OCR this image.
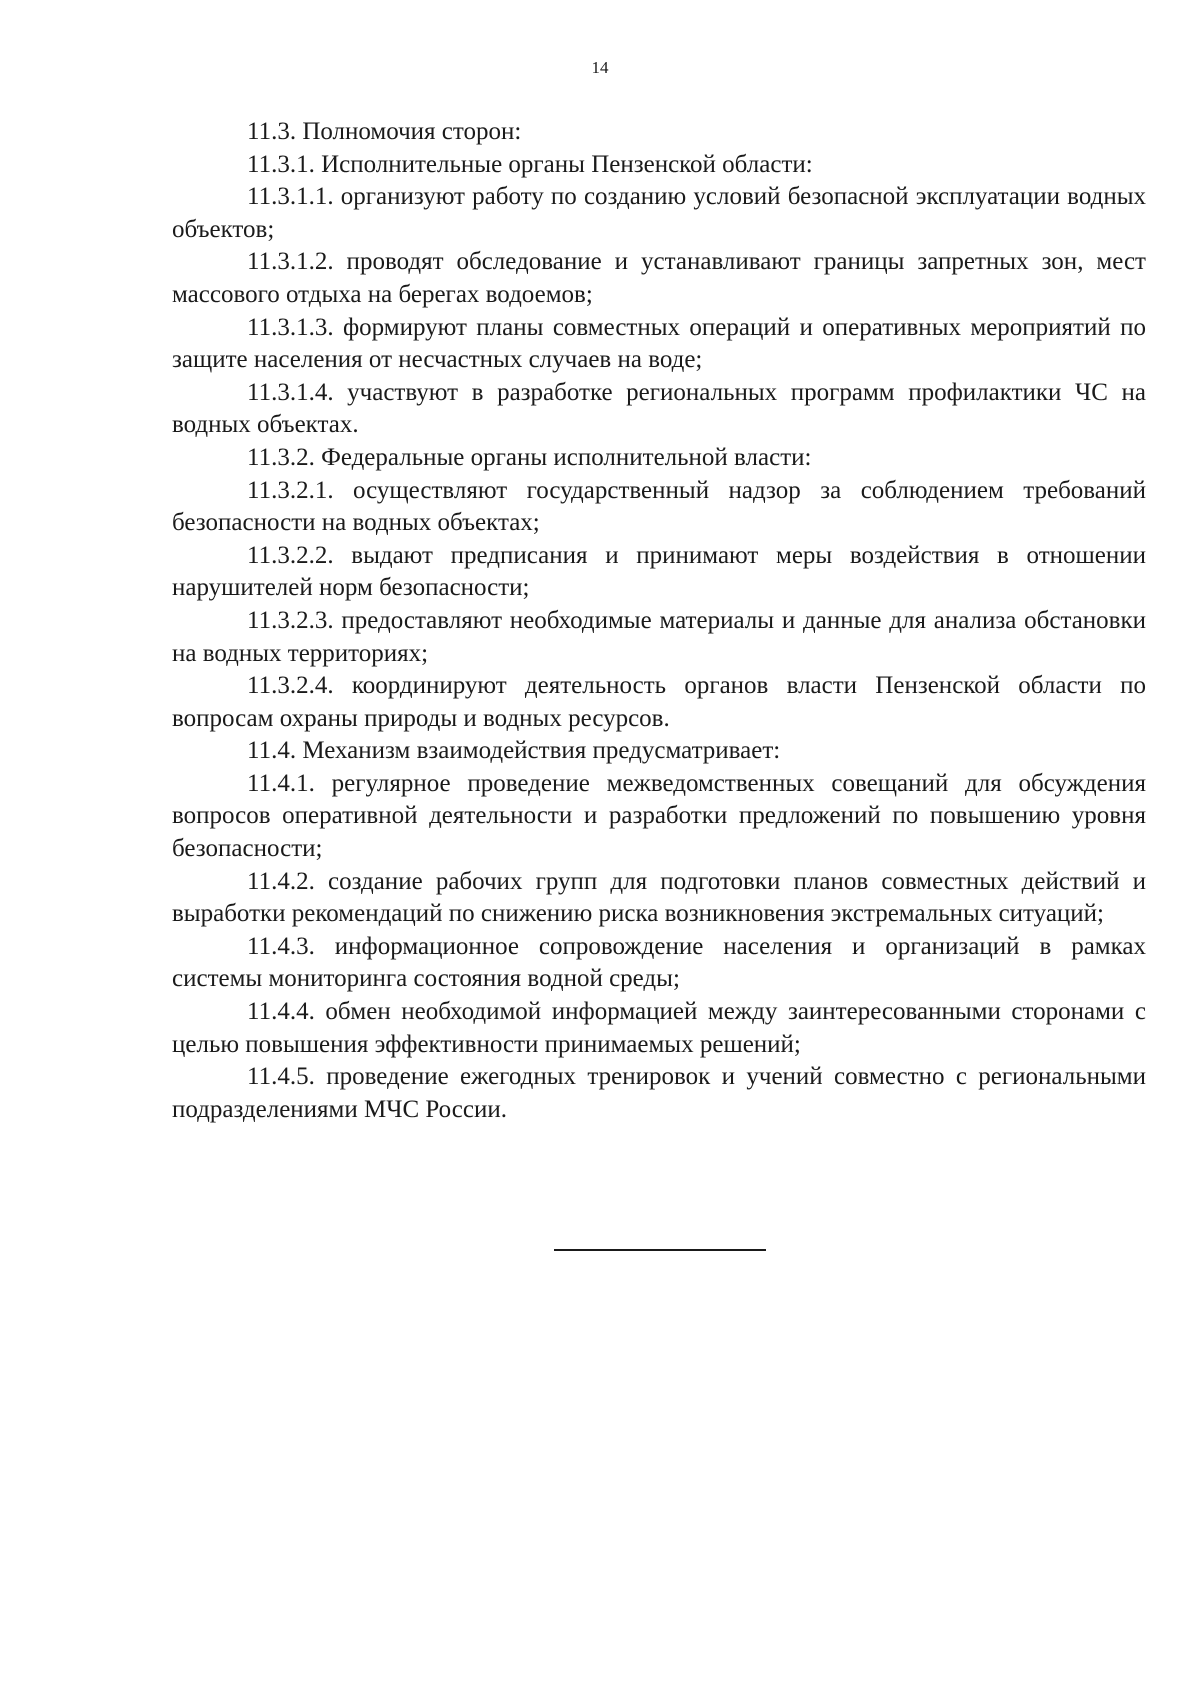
14

11.3. Полномочия сторон:

11.3.1. Исполнительные органы Пензенской области:

11.3.1.1. организуют работу по созданию условий безопасной эксплуатации водных объектов;

11.3.1.2. проводят обследование и устанавливают границы запретных зон, мест массового отдыха на берегах водоемов;

11.3.1.3. формируют планы совместных операций и оперативных мероприятий по защите населения от несчастных случаев на воде;

11.3.1.4. участвуют в разработке региональных программ профилактики ЧС на водных объектах.

11.3.2. Федеральные органы исполнительной власти:

11.3.2.1. осуществляют государственный надзор за соблюдением требований безопасности на водных объектах;

11.3.2.2. выдают предписания и принимают меры воздействия в отношении нарушителей норм безопасности;

11.3.2.3. предоставляют необходимые материалы и данные для анализа обстановки на водных территориях;

11.3.2.4. координируют деятельность органов власти Пензенской области по вопросам охраны природы и водных ресурсов.

11.4. Механизм взаимодействия предусматривает:

11.4.1. регулярное проведение межведомственных совещаний для обсуждения вопросов оперативной деятельности и разработки предложений по повышению уровня безопасности;

11.4.2. создание рабочих групп для подготовки планов совместных действий и выработки рекомендаций по снижению риска возникновения экстремальных ситуаций;

11.4.3. информационное сопровождение населения и организаций в рамках системы мониторинга состояния водной среды;

11.4.4. обмен необходимой информацией между заинтересованными сторонами с целью повышения эффективности принимаемых решений;

11.4.5. проведение ежегодных тренировок и учений совместно с региональными подразделениями МЧС России.
